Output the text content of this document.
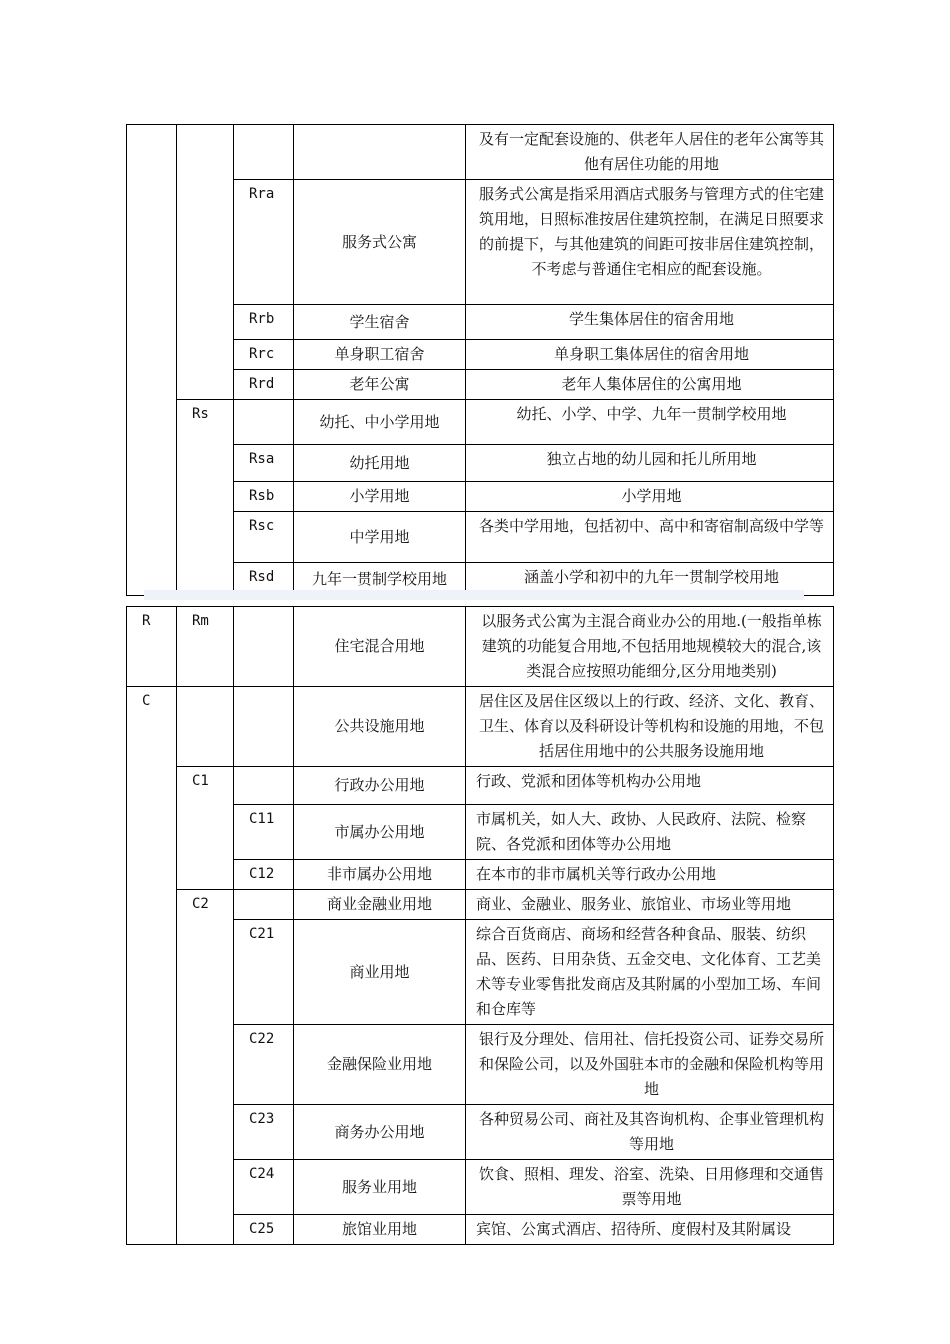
				及有一定配套设施的、供老年人居住的老年公寓等其他有居住功能的用地
		Rra	服务式公寓	服务式公寓是指采用酒店式服务与管理方式的住宅建筑用地，日照标准按居住建筑控制，在满足日照要求的前提下，与其他建筑的间距可按非居住建筑控制，不考虑与普通住宅相应的配套设施。
		Rrb	学生宿舍	学生集体居住的宿舍用地
		Rrc	单身职工宿舍	单身职工集体居住的宿舍用地
		Rrd	老年公寓	老年人集体居住的公寓用地
	Rs		幼托、中小学用地	幼托、小学、中学、九年一贯制学校用地
		Rsa	幼托用地	独立占地的幼儿园和托儿所用地
		Rsb	小学用地	小学用地
		Rsc	中学用地	各类中学用地，包括初中、高中和寄宿制高级中学等
		Rsd	九年一贯制学校用地	涵盖小学和初中的九年一贯制学校用地
R	Rm		住宅混合用地	以服务式公寓为主混合商业办公的用地.(一般指单栋建筑的功能复合用地,不包括用地规模较大的混合,该类混合应按照功能细分,区分用地类别)
C			公共设施用地	居住区及居住区级以上的行政、经济、文化、教育、卫生、体育以及科研设计等机构和设施的用地，不包括居住用地中的公共服务设施用地
	C1		行政办公用地	行政、党派和团体等机构办公用地
		C11	市属办公用地	市属机关，如人大、政协、人民政府、法院、检察院、各党派和团体等办公用地
		C12	非市属办公用地	在本市的非市属机关等行政办公用地
	C2		商业金融业用地	商业、金融业、服务业、旅馆业、市场业等用地
		C21	商业用地	综合百货商店、商场和经营各种食品、服装、纺织品、医药、日用杂货、五金交电、文化体育、工艺美术等专业零售批发商店及其附属的小型加工场、车间和仓库等
		C22	金融保险业用地	银行及分理处、信用社、信托投资公司、证券交易所和保险公司，以及外国驻本市的金融和保险机构等用地
		C23	商务办公用地	各种贸易公司、商社及其咨询机构、企事业管理机构等用地
		C24	服务业用地	饮食、照相、理发、浴室、洗染、日用修理和交通售票等用地
		C25	旅馆业用地	宾馆、公寓式酒店、招待所、度假村及其附属设
